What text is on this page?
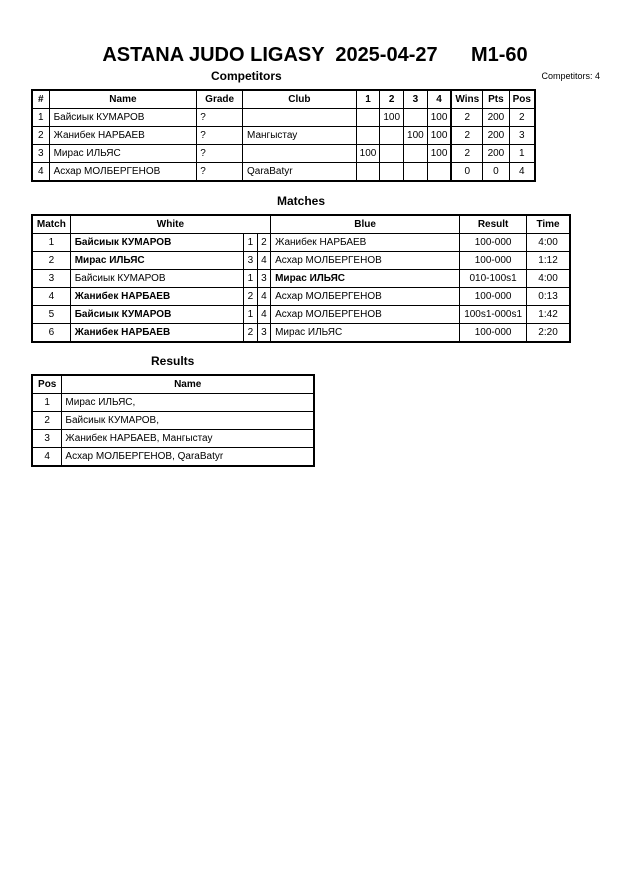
ASTANA JUDO LIGASY  2025-04-27      M1-60
Competitors	Competitors: 4
#	Name	Grade	Club	1	2	3	4	Wins	Pts	Pos
1	Байсиык КУМАРОВ	?			100		100	2	200	2
2	Жанибек НАРБАЕВ	?	Мангыстау			100	100	2	200	3
3	Мирас ИЛЬЯС	?		100			100	2	200	1
4	Асхар МОЛБЕРГЕНОВ	?	QaraBatyr					0	0	4
Matches
Match	White			Blue	Result	Time
1	Байсиык КУМАРОВ	1	2	Жанибек НАРБАЕВ	100-000	4:00
2	Мирас ИЛЬЯС	3	4	Асхар МОЛБЕРГЕНОВ	100-000	1:12
3	Байсиык КУМАРОВ	1	3	Мирас ИЛЬЯС	010-100s1	4:00
4	Жанибек НАРБАЕВ	2	4	Асхар МОЛБЕРГЕНОВ	100-000	0:13
5	Байсиык КУМАРОВ	1	4	Асхар МОЛБЕРГЕНОВ	100s1-000s1	1:42
6	Жанибек НАРБАЕВ	2	3	Мирас ИЛЬЯС	100-000	2:20
Results
Pos	Name
1	Мирас ИЛЬЯС,
2	Байсиык КУМАРОВ,
3	Жанибек НАРБАЕВ, Мангыстау
4	Асхар МОЛБЕРГЕНОВ, QaraBatyr
